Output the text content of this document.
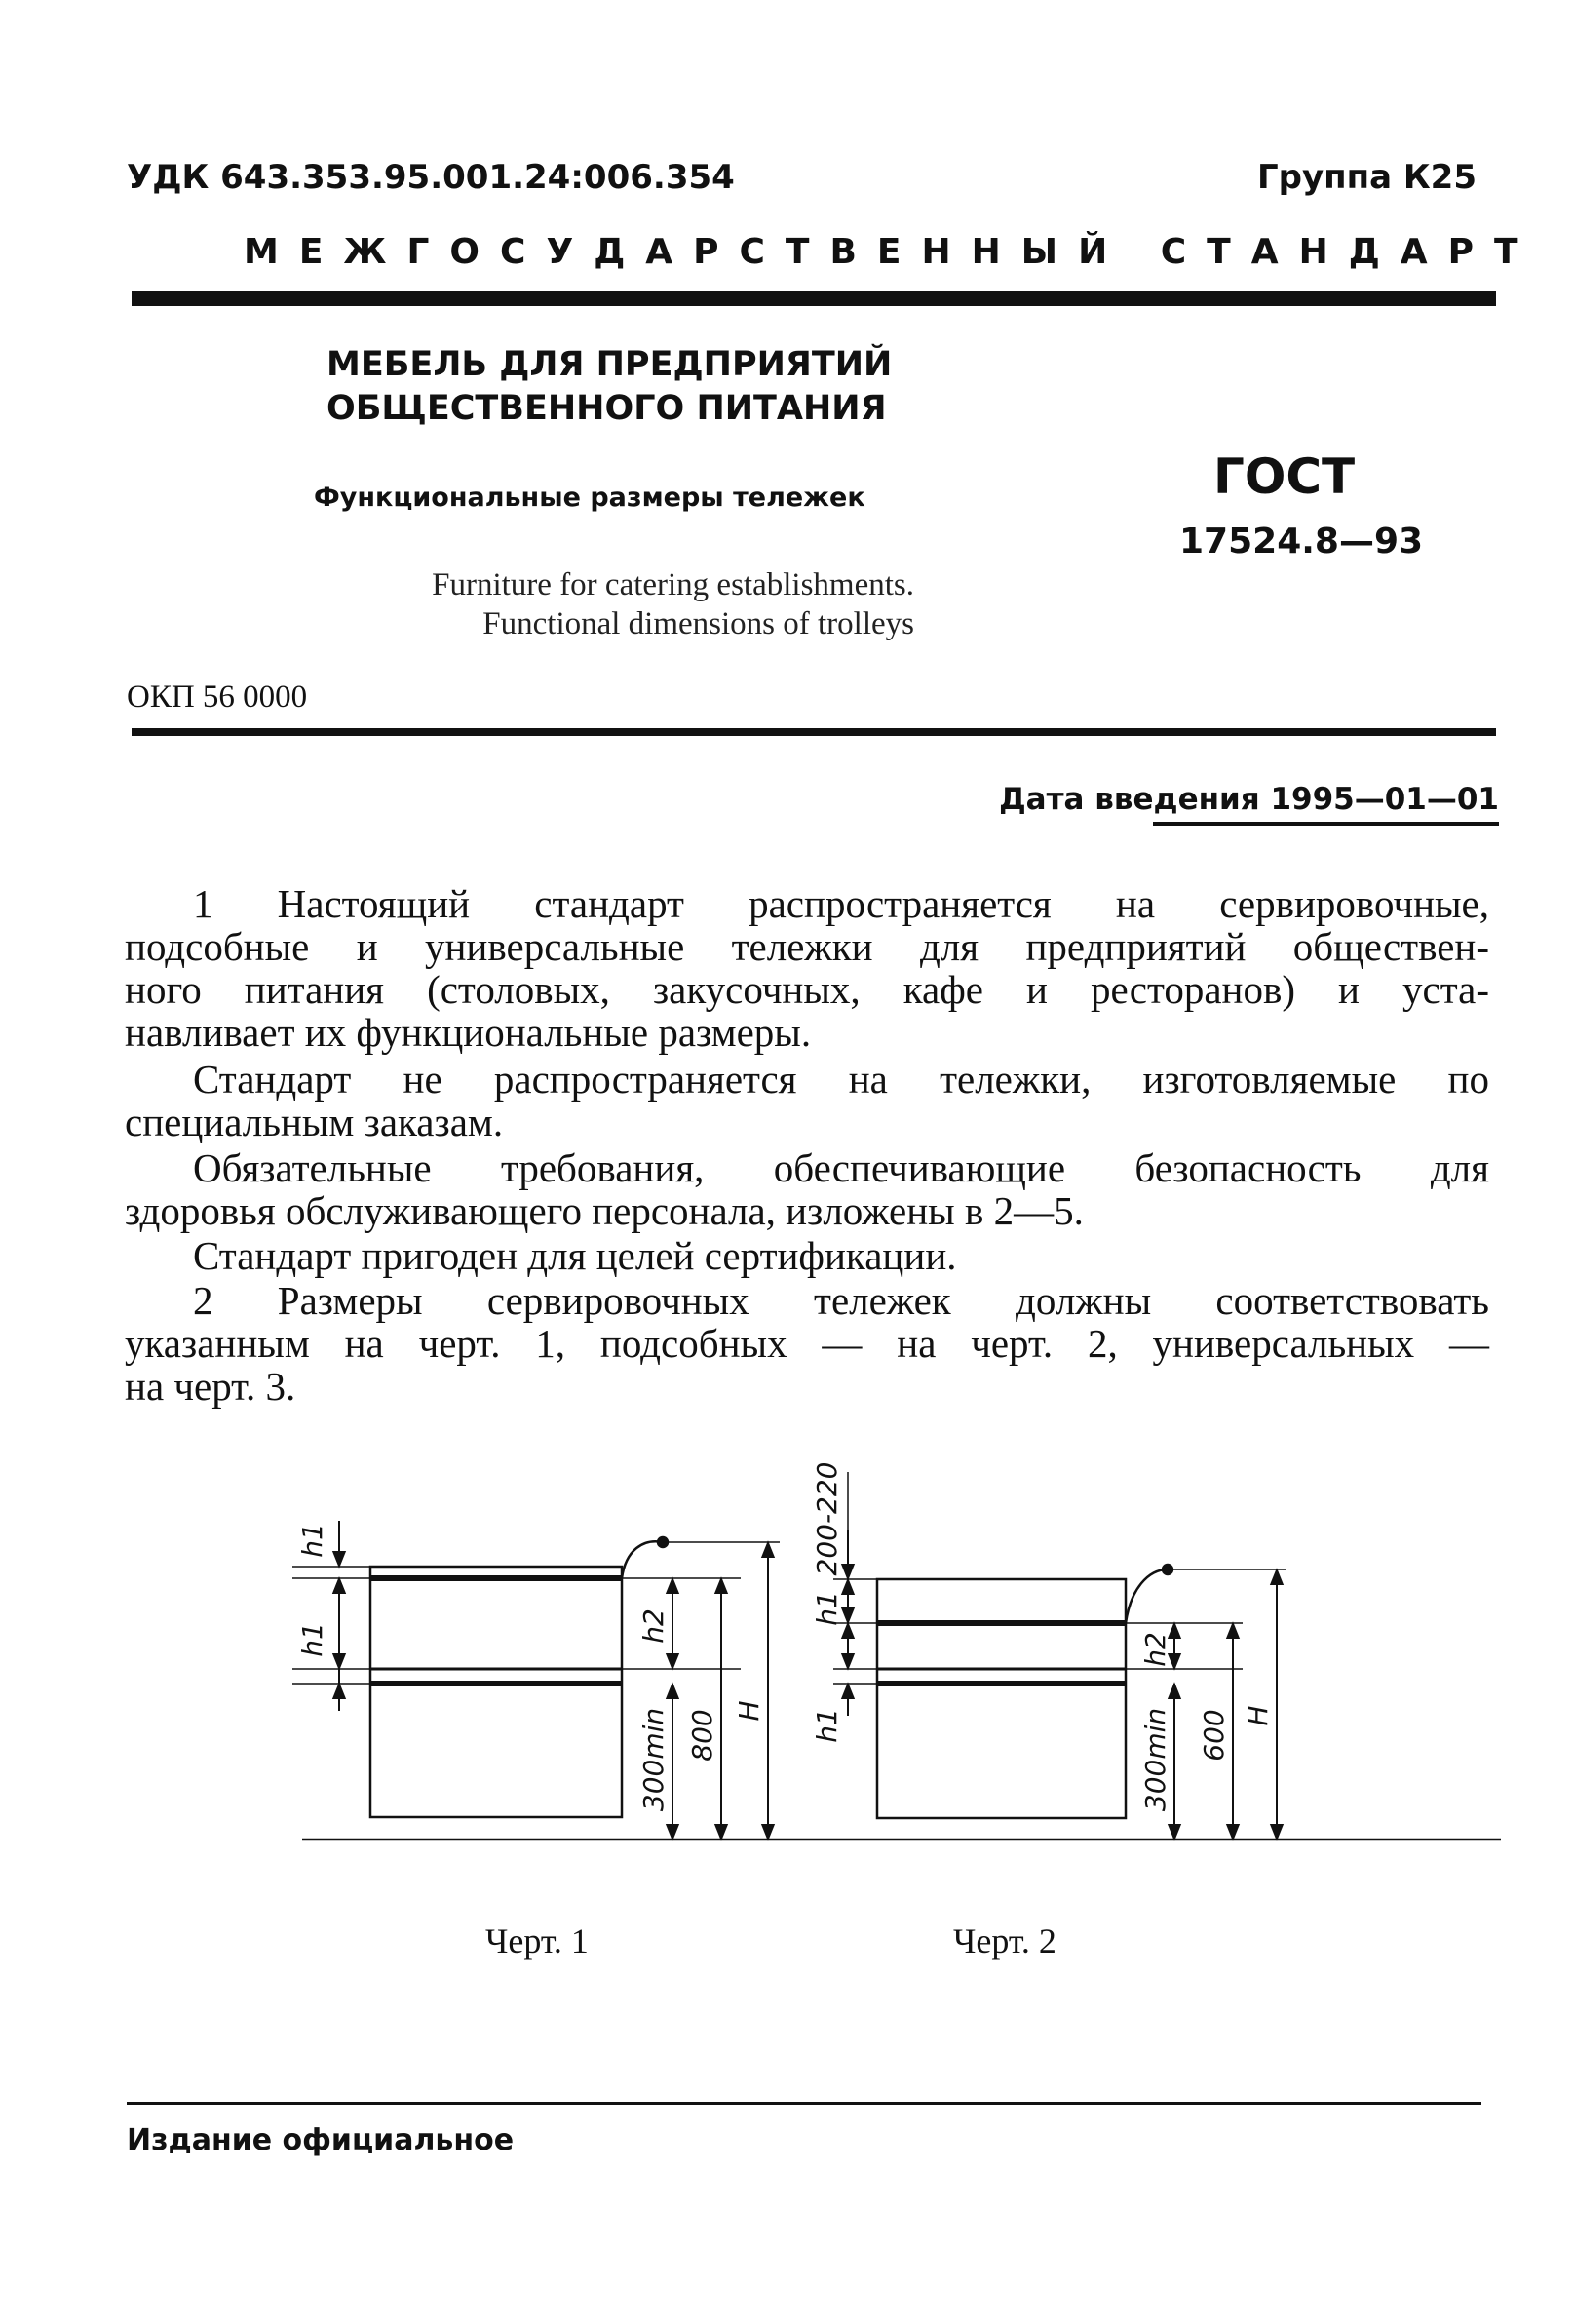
УДК 643.353.95.001.24:006.354	Группа К25
МЕЖГОСУДАРСТВЕННЫЙ СТАНДАРТ
МЕБЕЛЬ ДЛЯ ПРЕДПРИЯТИЙ
ОБЩЕСТВЕННОГО ПИТАНИЯ
Функциональные размеры тележек	ГОСТ
17524.8—93
Furniture for catering establishments.
Functional dimensions of trolleys
ОКП 56 0000
Дата введения 1995—01—01
1 Настоящий стандарт распространяется на сервировочные,
подсобные и универсальные тележки для предприятий обществен-
ного питания (столовых, закусочных, кафе и ресторанов) и уста-
навливает их функциональные размеры.
Стандарт не распространяется на тележки, изготовляемые по
специальным заказам.
Обязательные требования, обеспечивающие безопасность для
здоровья обслуживающего персонала, изложены в 2—5.
Стандарт пригоден для целей сертификации.
2 Размеры сервировочных тележек должны соответствовать
указанным на черт. 1, подсобных — на черт. 2, универсальных —
на черт. 3.
h1
h1	h2
300min 800 H
200-220
h1
h1
h2
300min 600 H
Черт. 1	Черт. 2
Издание официальное
